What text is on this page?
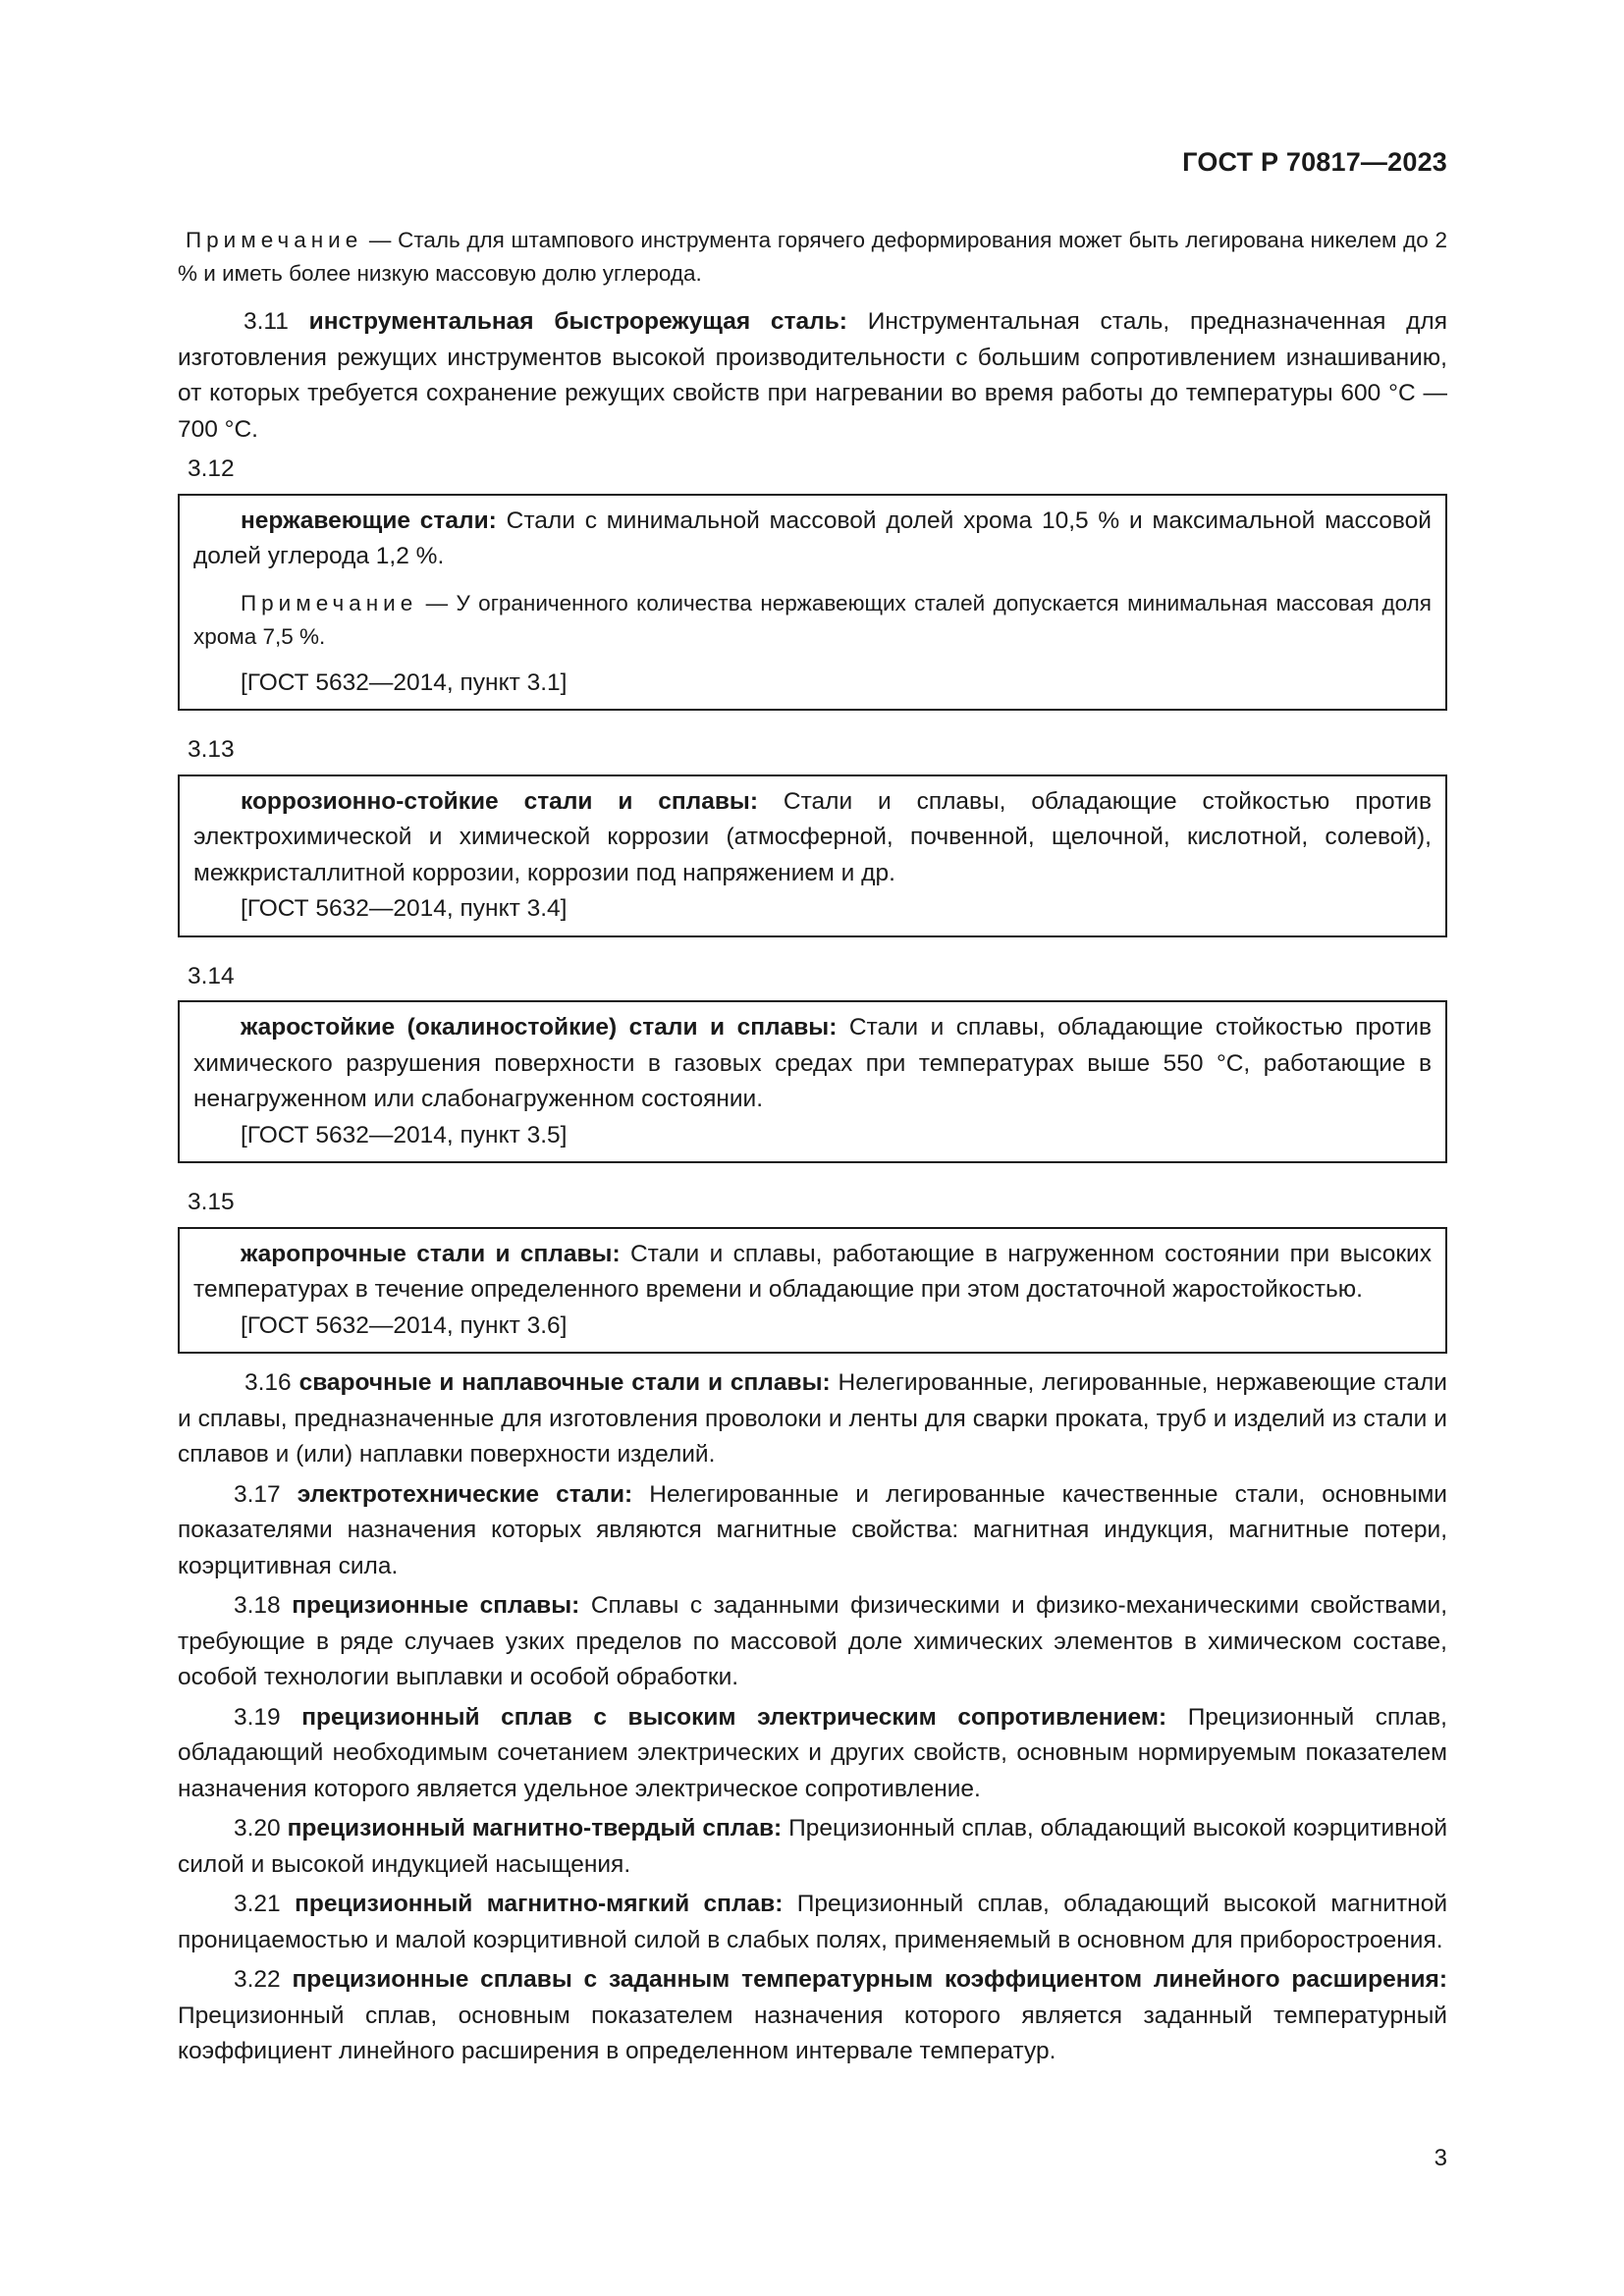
ГОСТ Р 70817—2023

Примечание — Сталь для штампового инструмента горячего деформирования может быть легирована никелем до 2 % и иметь более низкую массовую долю углерода.

3.11 инструментальная быстрорежущая сталь: Инструментальная сталь, предназначенная для изготовления режущих инструментов высокой производительности с большим сопротивлением изнашиванию, от которых требуется сохранение режущих свойств при нагревании во время работы до температуры 600 °С — 700 °С.

3.12

нержавеющие стали: Стали с минимальной массовой долей хрома 10,5 % и максимальной массовой долей углерода 1,2 %.

Примечание — У ограниченного количества нержавеющих сталей допускается минимальная массовая доля хрома 7,5 %.

[ГОСТ 5632—2014, пункт 3.1]

3.13

коррозионно-стойкие стали и сплавы: Стали и сплавы, обладающие стойкостью против электрохимической и химической коррозии (атмосферной, почвенной, щелочной, кислотной, солевой), межкристаллитной коррозии, коррозии под напряжением и др.

[ГОСТ 5632—2014, пункт 3.4]

3.14

жаростойкие (окалиностойкие) стали и сплавы: Стали и сплавы, обладающие стойкостью против химического разрушения поверхности в газовых средах при температурах выше 550 °С, работающие в ненагруженном или слабонагруженном состоянии.

[ГОСТ 5632—2014, пункт 3.5]

3.15

жаропрочные стали и сплавы: Стали и сплавы, работающие в нагруженном состоянии при высоких температурах в течение определенного времени и обладающие при этом достаточной жаростойкостью.

[ГОСТ 5632—2014, пункт 3.6]

3.16 сварочные и наплавочные стали и сплавы: Нелегированные, легированные, нержавеющие стали и сплавы, предназначенные для изготовления проволоки и ленты для сварки проката, труб и изделий из стали и сплавов и (или) наплавки поверхности изделий.

3.17 электротехнические стали: Нелегированные и легированные качественные стали, основными показателями назначения которых являются магнитные свойства: магнитная индукция, магнитные потери, коэрцитивная сила.

3.18 прецизионные сплавы: Сплавы с заданными физическими и физико-механическими свойствами, требующие в ряде случаев узких пределов по массовой доле химических элементов в химическом составе, особой технологии выплавки и особой обработки.

3.19 прецизионный сплав с высоким электрическим сопротивлением: Прецизионный сплав, обладающий необходимым сочетанием электрических и других свойств, основным нормируемым показателем назначения которого является удельное электрическое сопротивление.

3.20 прецизионный магнитно-твердый сплав: Прецизионный сплав, обладающий высокой коэрцитивной силой и высокой индукцией насыщения.

3.21 прецизионный магнитно-мягкий сплав: Прецизионный сплав, обладающий высокой магнитной проницаемостью и малой коэрцитивной силой в слабых полях, применяемый в основном для приборостроения.

3.22 прецизионные сплавы с заданным температурным коэффициентом линейного расширения: Прецизионный сплав, основным показателем назначения которого является заданный температурный коэффициент линейного расширения в определенном интервале температур.

3
